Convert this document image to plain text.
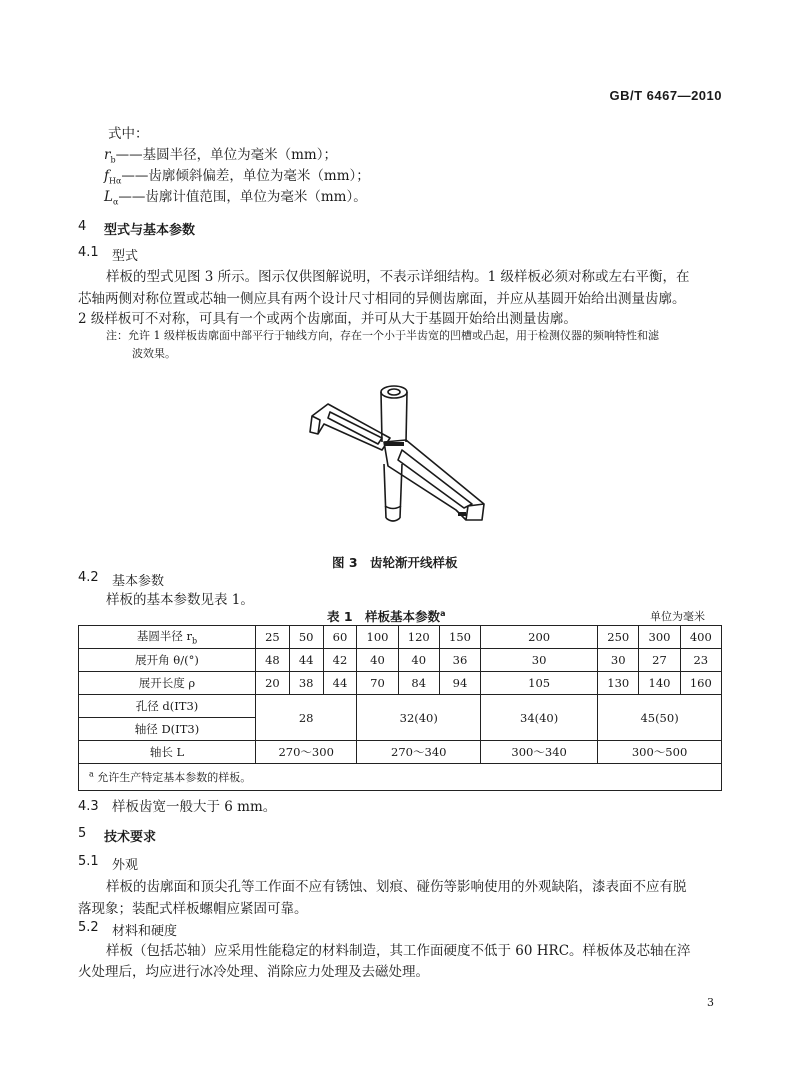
GB/T 6467—2010
式中：
$r_b——$基圆半径，单位为毫米（mm）；
$f_{H\alpha}——$齿廓倾斜偏差，单位为毫米（mm）；
$L_\alpha——$齿廓计值范围，单位为毫米（mm）。
4 型式与基本参数
4.1 型式
样板的型式见图 3 所示。图示仅供图解说明，不表示详细结构。1 级样板必须对称或左右平衡，在
芯轴两侧对称位置或芯轴一侧应具有两个设计尺寸相同的异侧齿廓面，并应从基圆开始给出测量齿廓。
2 级样板可不对称，可具有一个或两个齿廓面，并可从大于基圆开始给出测量齿廓。
注：允许 1 级样板齿廓面中部平行于轴线方向，存在一个小于半齿宽的凹槽或凸起，用于检测仪器的频响特性和滤
波效果。
图 3　齿轮渐开线样板
4.2 基本参数
样板的基本参数见表 1。
表 1　样板基本参数$^a$	单位为毫米
基圆半径 $r_b$	25	50	60	100	120	150	200	250	300	400
展开角 θ/(°)	48	44	42	40	40	36	30	30	27	23
展开长度 ρ	20	38	44	70	84	94	105	130	140	160
孔径 d(IT3)	28			32(40)			34(40)	45(50)		
轴径 D(IT3)										
轴长 L	270～300			270～340			300～340	300～500		
$^a$ 允许生产特定基本参数的样板。										
4.3 样板齿宽一般大于 6 mm。
5 技术要求
5.1 外观
样板的齿廓面和顶尖孔等工作面不应有锈蚀、划痕、碰伤等影响使用的外观缺陷，漆表面不应有脱
落现象；装配式样板螺帽应紧固可靠。
5.2 材料和硬度
样板（包括芯轴）应采用性能稳定的材料制造，其工作面硬度不低于 60 HRC。样板体及芯轴在淬
火处理后，均应进行冰冷处理、消除应力处理及去磁处理。
3
